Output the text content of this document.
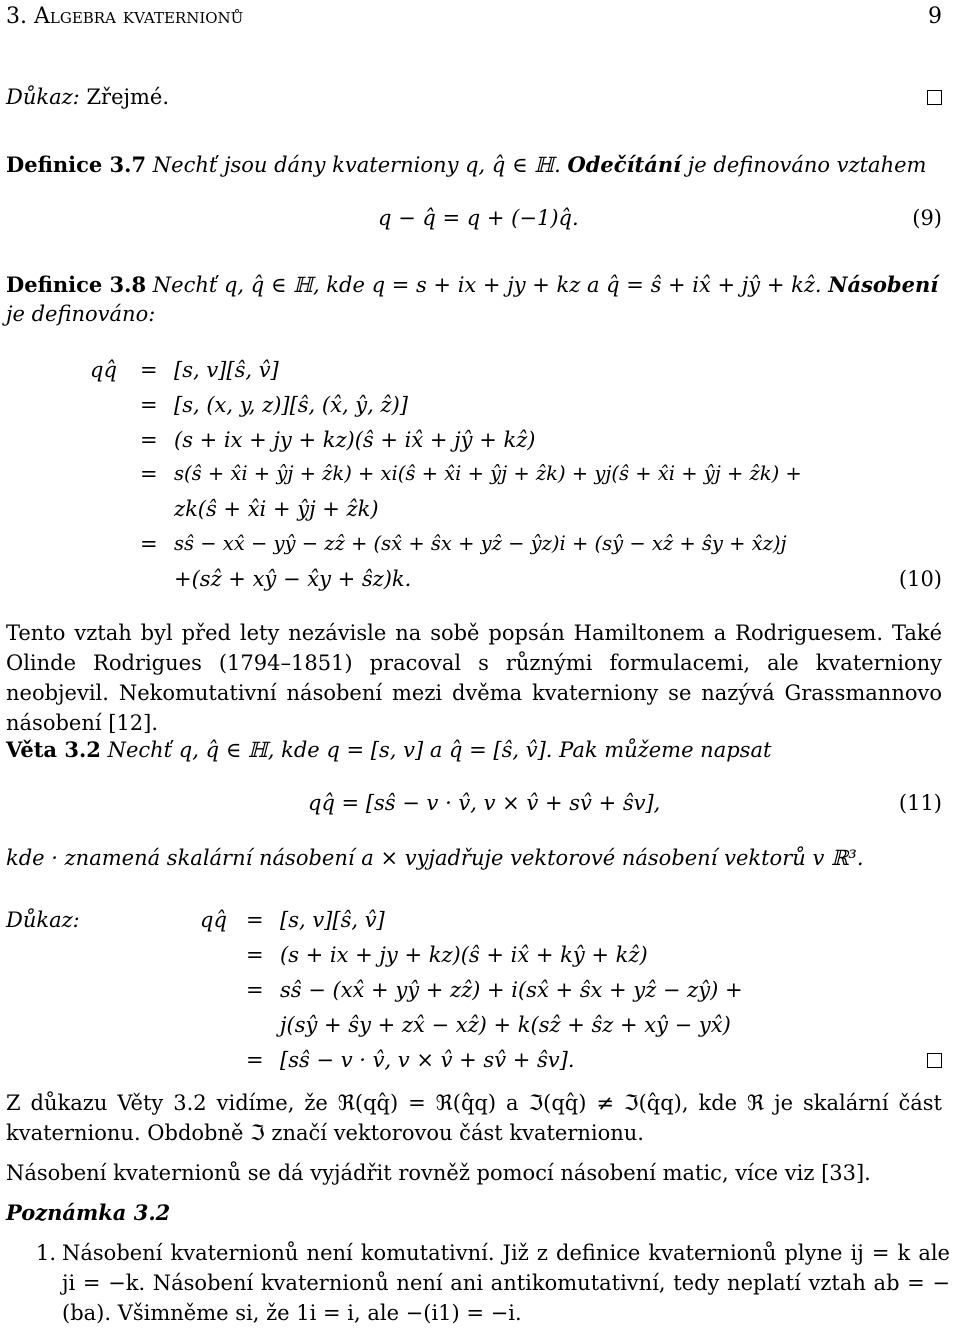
3. Algebra kvaternionů	9
Důkaz: Zřejmé.
Definice 3.7 Nechť jsou dány kvaterniony q, q̂ ∈ ℍ. Odečítání je definováno vztahem
q − q̂ = q + (−1)q̂.	(9)
Definice 3.8 Nechť q, q̂ ∈ ℍ, kde q = s + ix + jy + kz a q̂ = ŝ + ix̂ + jŷ + kẑ. Násobení
je definováno:
qq̂ = [s, v][ŝ, v̂]
= [s, (x, y, z)][ŝ, (x̂, ŷ, ẑ)]
= (s + ix + jy + kz)(ŝ + ix̂ + jŷ + kẑ)
= s(ŝ + x̂i + ŷj + ẑk) + xi(ŝ + x̂i + ŷj + ẑk) + yj(ŝ + x̂i + ŷj + ẑk) +
zk(ŝ + x̂i + ŷj + ẑk)
= sŝ − xx̂ − yŷ − zẑ + (sx̂ + ŝx + yẑ − ŷz)i + (sŷ − xẑ + ŝy + x̂z)j
+(sẑ + xŷ − x̂y + ŝz)k.	(10)
Tento vztah byl před lety nezávisle na sobě popsán Hamiltonem a Rodriguesem. Také Olinde Rodrigues (1794–1851) pracoval s různými formulacemi, ale kvaterniony neobjevil. Nekomutativní násobení mezi dvěma kvaterniony se nazývá Grassmannovo násobení [12].
Věta 3.2 Nechť q, q̂ ∈ ℍ, kde q = [s, v] a q̂ = [ŝ, v̂]. Pak můžeme napsat
qq̂ = [sŝ − v · v̂, v × v̂ + sv̂ + ŝv],	(11)
kde · znamená skalární násobení a × vyjadřuje vektorové násobení vektorů v ℝ³.
Důkaz:	qq̂ = [s, v][ŝ, v̂]
= (s + ix + jy + kz)(ŝ + ix̂ + kŷ + kẑ)
= sŝ − (xx̂ + yŷ + zẑ) + i(sx̂ + ŝx + yẑ − zŷ) +
j(sŷ + ŝy + zx̂ − xẑ) + k(sẑ + ŝz + xŷ − yx̂)
= [sŝ − v · v̂, v × v̂ + sv̂ + ŝv].
Z důkazu Věty 3.2 vidíme, že ℜ(qq̂) = ℜ(q̂q) a ℑ(qq̂) ≠ ℑ(q̂q), kde ℜ je skalární část kvaternionu. Obdobně ℑ značí vektorovou část kvaternionu.
Násobení kvaternionů se dá vyjádřit rovněž pomocí násobení matic, více viz [33].
Poznámka 3.2
1. Násobení kvaternionů není komutativní. Již z definice kvaternionů plyne ij = k ale ji = −k. Násobení kvaternionů není ani antikomutativní, tedy neplatí vztah ab = −(ba). Všimněme si, že 1i = i, ale −(i1) = −i.
